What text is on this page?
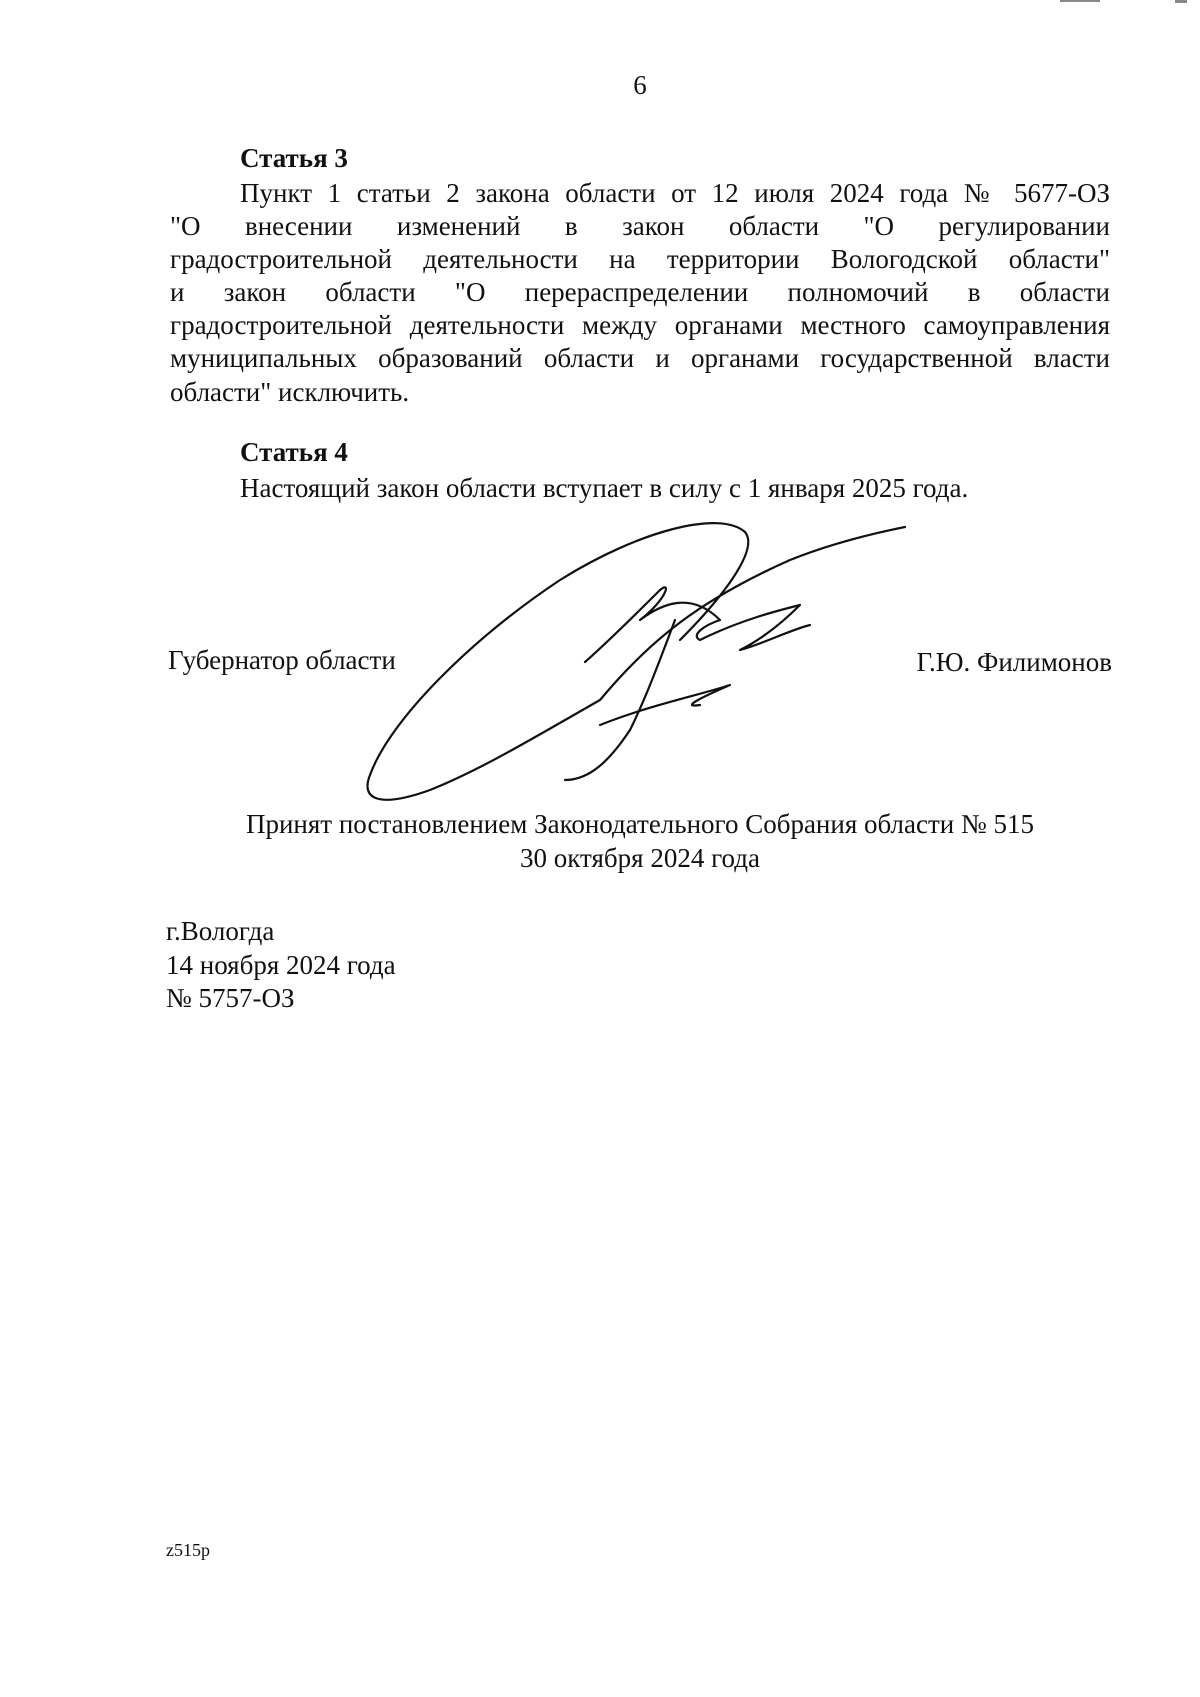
6
Статья 3
Пункт 1 статьи 2 закона области от 12 июля 2024 года № 5677-ОЗ
"О внесении изменений в закон области "О регулировании
градостроительной деятельности на территории Вологодской области"
и закон области "О перераспределении полномочий в области
градостроительной деятельности между органами местного самоуправления
муниципальных образований области и органами государственной власти
области" исключить.
Статья 4
Настоящий закон области вступает в силу с 1 января 2025 года.
Губернатор области	Г.Ю. Филимонов
Принят постановлением Законодательного Собрания области № 515
30 октября 2024 года
г.Вологда
14 ноября 2024 года
№ 5757-ОЗ
z515p
